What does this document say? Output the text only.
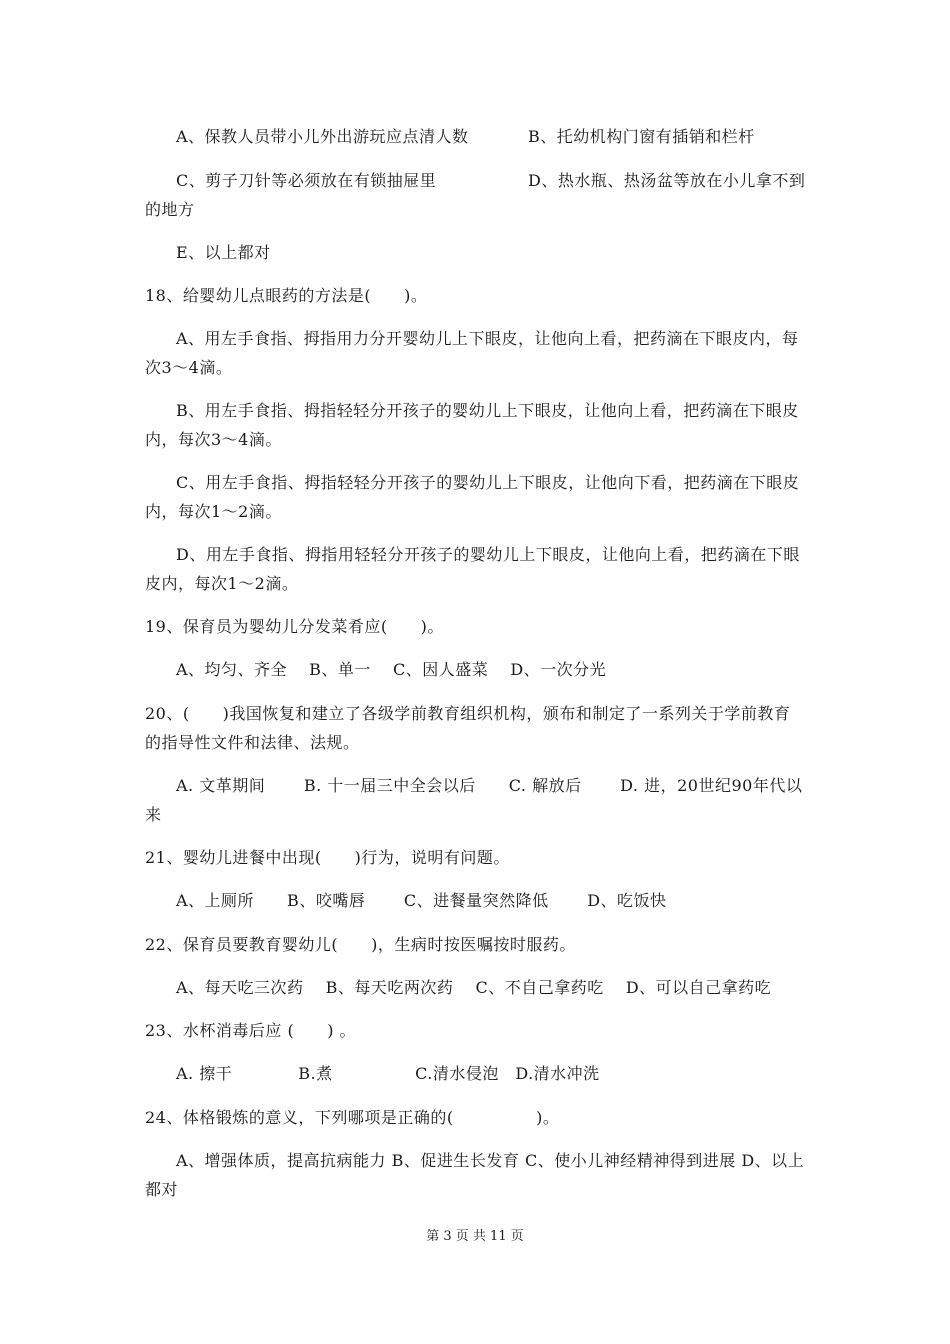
A、保教人员带小儿外出游玩应点清人数	B、托幼机构门窗有插销和栏杆
C、剪子刀针等必须放在有锁抽屉里	D、热水瓶、热汤盆等放在小儿拿不到
的地方
E、以上都对
18、给婴幼儿点眼药的方法是(　　)。
A、用左手食指、拇指用力分开婴幼儿上下眼皮，让他向上看，把药滴在下眼皮内，每
次3～4滴。
B、用左手食指、拇指轻轻分开孩子的婴幼儿上下眼皮，让他向上看，把药滴在下眼皮
内，每次3～4滴。
C、用左手食指、拇指轻轻分开孩子的婴幼儿上下眼皮，让他向下看，把药滴在下眼皮
内，每次1～2滴。
D、用左手食指、拇指用轻轻分开孩子的婴幼儿上下眼皮，让他向上看，把药滴在下眼
皮内，每次1～2滴。
19、保育员为婴幼儿分发菜肴应(　　)。
A、均匀、齐全　 B、单一　 C、因人盛菜　 D、一次分光
20、(　　)我国恢复和建立了各级学前教育组织机构，颁布和制定了一系列关于学前教育
的指导性文件和法律、法规。
A. 文革期间　　 B. 十一届三中全会以后　　C. 解放后　　 D. 进，20世纪90年代以
来
21、婴幼儿进餐中出现(　　)行为，说明有问题。
A、上厕所　　B、咬嘴唇　　 C、进餐量突然降低　　 D、吃饭快
22、保育员要教育婴幼儿(　　)，生病时按医嘱按时服药。
A、每天吃三次药　 B、每天吃两次药　 C、不自己拿药吃　 D、可以自己拿药吃
23、水杯消毒后应 (　　) 。
A. 擦干　　　　B.煮　　　　　C.清水侵泡　D.清水冲洗
24、体格锻炼的意义，下列哪项是正确的(　　　　　)。
A、增强体质，提高抗病能力 B、促进生长发育 C、使小儿神经精神得到进展 D、以上
都对
第 3 页 共 11 页
